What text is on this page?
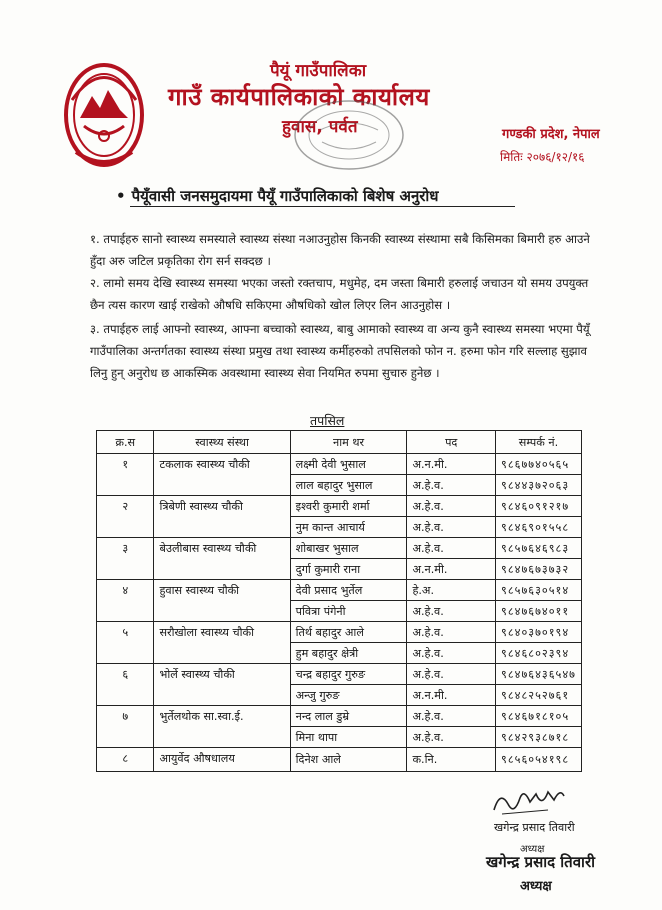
पैयूं गाउँपालिका
गाउँ कार्यपालिकाको कार्यालय
हुवास, पर्वत	गण्डकी प्रदेश, नेपाल
मितिः २०७६/१२/१६
• पैयूँवासी जनसमुदायमा पैयूँ गाउँपालिकाको बिशेष अनुरोध
१. तपाईहरु सानो स्वास्थ्य समस्याले स्वास्थ्य संस्था नआउनुहोस किनकी स्वास्थ्य संस्थामा सबै किसिमका बिमारी हरु आउने हुँदा अरु जटिल प्रकृतिका रोग सर्न सक्दछ ।
२. लामो समय देखि स्वास्थ्य समस्या भएका जस्तो रक्तचाप, मधुमेह, दम जस्ता बिमारी हरुलाई जचाउन यो समय उपयुक्त छैन त्यस कारण खाई राखेको औषधि सकिएमा औषधिको खोल लिएर लिन आउनुहोस ।
३. तपाईहरु लाई आफ्नो स्वास्थ्य, आफ्ना बच्चाको स्वास्थ्य, बाबु आमाको स्वास्थ्य वा अन्य कुनै स्वास्थ्य समस्या भएमा पैयूँ गाउँपालिका अन्तर्गतका स्वास्थ्य संस्था प्रमुख तथा स्वास्थ्य कर्मीहरुको तपसिलको फोन न. हरुमा फोन गरि सल्लाह सुझाव लिनु हुन् अनुरोध छ आकस्मिक अवस्थामा स्वास्थ्य सेवा नियमित रुपमा सुचारु हुनेछ ।
तपसिल
क्र.स	स्वास्थ्य संस्था	नाम थर	पद	सम्पर्क नं.
१	टकलाक स्वास्थ्य चौकी	लक्ष्मी देवी भुसाल	अ.न.मी.	९८६७७४०५६५
		लाल बहादुर भुसाल	अ.हे.व.	९८४४३७२०६३
२	त्रिबेणी स्वास्थ्य चौकी	इश्वरी कुमारी शर्मा	अ.हे.व.	९८४६०९१२१७
		नुम कान्त आचार्य	अ.हे.व.	९८४६९०१५५८
३	बेउलीबास स्वास्थ्य चौकी	शोबाखर भुसाल	अ.हे.व.	९८५७६४६९८३
		दुर्गा कुमारी राना	अ.न.मी.	९८४७६७३७३२
४	हुवास स्वास्थ्य चौकी	देवी प्रसाद भुर्तेल	हे.अ.	९८५७६३०५१४
		पवित्रा पंगेनी	अ.हे.व.	९८४७६७४०११
५	सरौखोला स्वास्थ्य चौकी	तिर्थ बहादुर आले	अ.हे.व.	९८४०३७०१९४
		हुम बहादुर क्षेत्री	अ.हे.व.	९८४६८०२३९४
६	भोर्ले स्वास्थ्य चौकी	चन्द्र बहादुर गुरुङ	अ.हे.व.	९८४७६४३६५४७
		अन्जु गुरुङ	अ.न.मी.	९८४८२५२७६१
७	भुर्तेलथोक सा.स्वा.ई.	नन्द लाल डुम्रे	अ.हे.व.	९८४६७१८१०५
		मिना थापा	अ.हे.व.	९८४२९३८७१८
८	आयुर्वेद औषधालय	दिनेश आले	क.नि.	९८५६०५४१९८
खगेन्द्र प्रसाद तिवारी
अध्यक्ष
खगेन्द्र प्रसाद तिवारी
अध्यक्ष
